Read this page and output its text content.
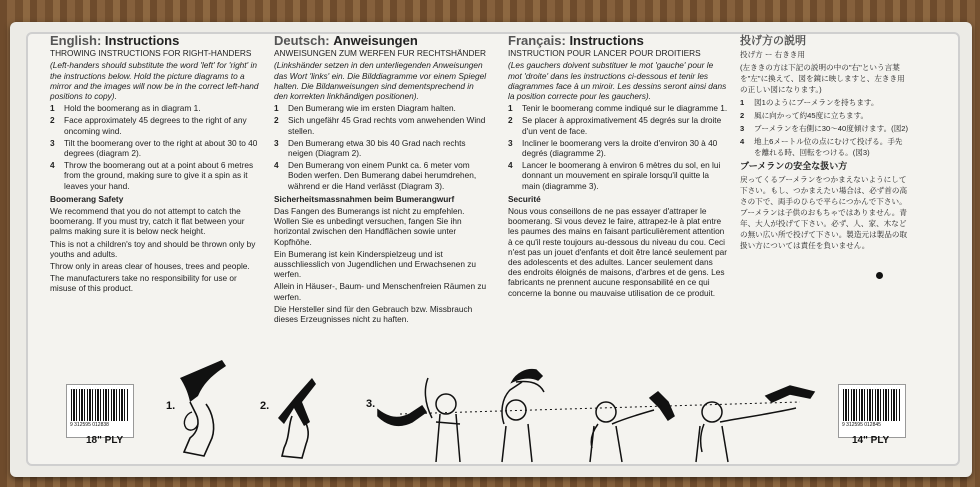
English: Instructions
THROWING INSTRUCTIONS FOR RIGHT-HANDERS
(Left-handers should substitute the word 'left' for 'right' in the instructions below. Hold the picture diagrams to a mirror and the images will now be in the correct left-hand positions to copy).
1 Hold the boomerang as in diagram 1.
2 Face approximately 45 degrees to the right of any oncoming wind.
3 Tilt the boomerang over to the right at about 30 to 40 degrees (diagram 2).
4 Throw the boomerang out at a point about 6 metres from the ground, making sure to give it a spin as it leaves your hand.
Boomerang Safety

We recommend that you do not attempt to catch the boomerang. If you must try, catch it flat between your palms making sure it is below neck height.

This is not a children's toy and should be thrown only by youths and adults.

Throw only in areas clear of houses, trees and people.

The manufacturers take no responsibility for use or misuse of this product.

Deutsch: Anweisungen
ANWEISUNGEN ZUM WERFEN FUR RECHTSHÄNDER
(Linkshänder setzen in den unterliegenden Anweisungen das Wort 'links' ein. Die Bilddiagramme vor einem Spiegel halten. Die Bildanweisungen sind dementsprechend in den korrekten linkhändigen positionen).
1 Den Bumerang wie im ersten Diagram halten.
2 Sich ungefähr 45 Grad rechts vom anwehenden Wind stellen.
3 Den Bumerang etwa 30 bis 40 Grad nach rechts neigen (Diagram 2).
4 Den Bumerang von einem Punkt ca. 6 meter vom Boden werfen. Den Bumerang dabei herumdrehen, während er die Hand verlässt (Diagram 3).
Sicherheitsmassnahmen beim Bumerangwurf

Das Fangen des Bumerangs ist nicht zu empfehlen. Wollen Sie es unbedingt versuchen, fangen Sie ihn horizontal zwischen den Handflächen sowie unter Kopfhöhe.

Ein Bumerang ist kein Kinderspielzeug und ist ausschliesslich von Jugendlichen und Erwachsenen zu werfen.

Allein in Häuser-, Baum- und Menschenfreien Räumen zu werfen.

Die Hersteller sind für den Gebrauch bzw. Missbrauch dieses Erzeugnisses nicht zu haften.

Français: Instructions
INSTRUCTION POUR LANCER POUR DROITIERS
(Les gauchers doivent substituer le mot 'gauche' pour le mot 'droite' dans les instructions ci-dessous et tenir les diagrammes face à un miroir. Les dessins seront ainsi dans la position correcte pour les gauchers).
1 Tenir le boomerang comme indiqué sur le diagramme 1.
2 Se placer à approximativement 45 degrés sur la droite d'un vent de face.
3 Incliner le boomerang vers la droite d'environ 30 à 40 degrés (diagramme 2).
4 Lancer le boomerang à environ 6 mètres du sol, en lui donnant un mouvement en spirale lorsqu'il quitte la main (diagramme 3).
Securité

Nous vous conseillons de ne pas essayer d'attraper le boomerang. Si vous devez le faire, attrapez-le à plat entre les paumes des mains en faisant particulièrement attention à ce qu'il reste toujours au-dessous du niveau du cou. Ceci n'est pas un jouet d'enfants et doit être lancé seulement par des adolescents et des adultes. Lancer seulement dans des endroits éloignés de maisons, d'arbres et de gens. Les fabricants ne prennent aucune responsabilité en ce qui concerne la bonne ou mauvaise utilisation de ce produit.

投げ方の説明
投げ方 ー 右きき用
(左ききの方は下記の説明の中の"右"という言葉を"左"に換えて、図を鏡に映しますと、左きき用の正しい図になります。)
1 図1のようにブーメランを持ちます。
2 風に向かって約45度に立ちます。
3 ブーメランを右側に30〜40度傾けます。(図2)
4 地上6メートル位の点にむけて投げる。手先を離れる時、回転をつける。(図3)
ブーメランの安全な扱い方

戻ってくるブーメランをつかまえないようにして下さい。もし、つかまえたい場合は、必ず首の高さの下で、両手のひらで平らにつかんで下さい。ブーメランは子供のおもちゃではありません。青年、大人が投げて下さい。必ず、人、家、木などの無い広い所で投げて下さい。製造元は製品の取扱い方については責任を負いません。

9 312595 012838
18" PLY
9 312595 012845
14" PLY
1.	2.	3.
